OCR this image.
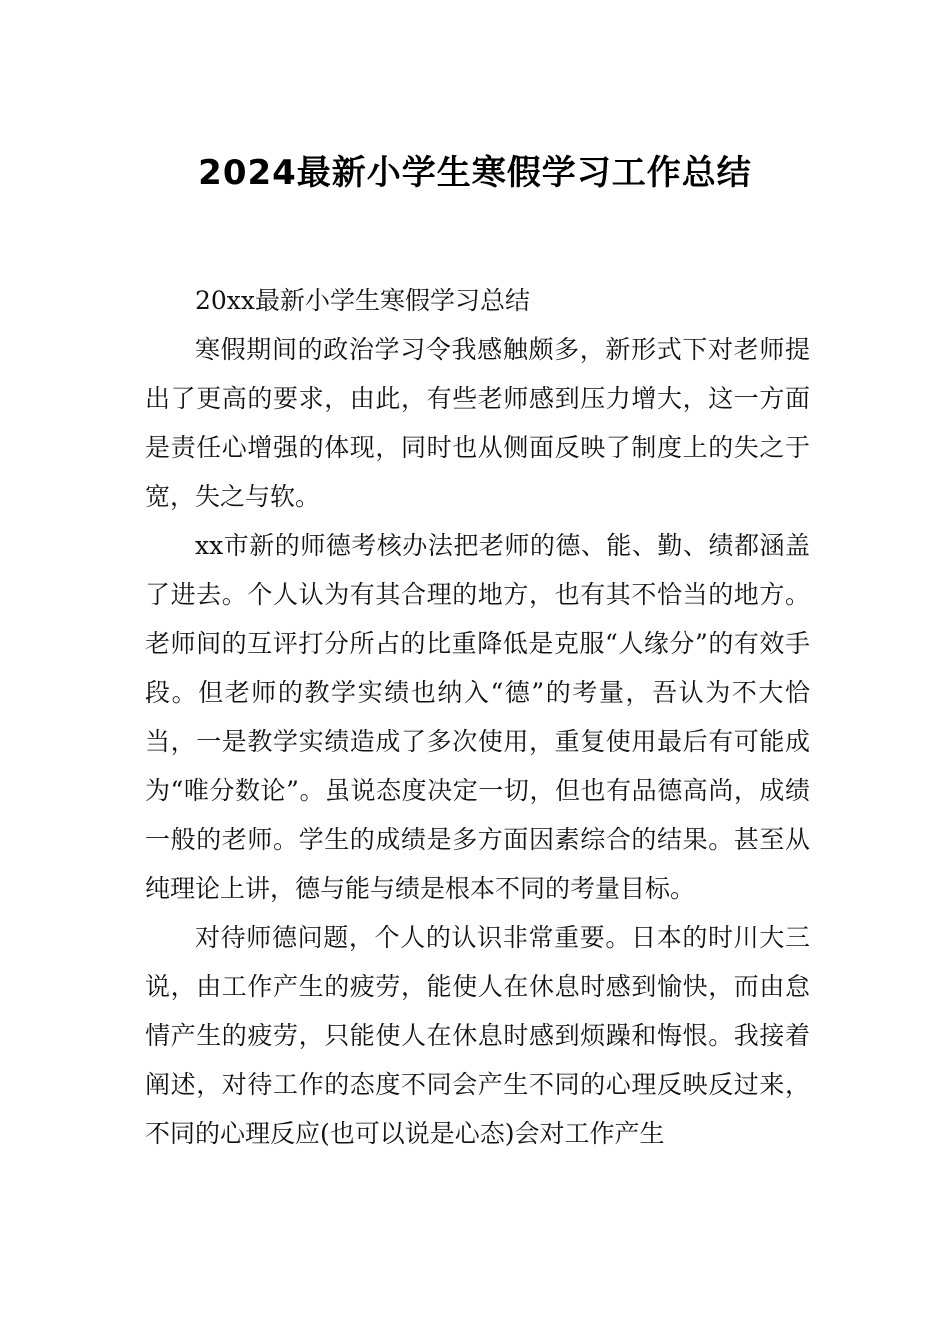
2024最新小学生寒假学习工作总结

20xx最新小学生寒假学习总结

寒假期间的政治学习令我感触颇多，新形式下对老师提出了更高的要求，由此，有些老师感到压力增大，这一方面是责任心增强的体现，同时也从侧面反映了制度上的失之于宽，失之与软。

xx市新的师德考核办法把老师的德、能、勤、绩都涵盖了进去。个人认为有其合理的地方，也有其不恰当的地方。老师间的互评打分所占的比重降低是克服“人缘分”的有效手段。但老师的教学实绩也纳入“德”的考量，吾认为不大恰当，一是教学实绩造成了多次使用，重复使用最后有可能成为“唯分数论”。虽说态度决定一切，但也有品德高尚，成绩一般的老师。学生的成绩是多方面因素综合的结果。甚至从纯理论上讲，德与能与绩是根本不同的考量目标。

对待师德问题，个人的认识非常重要。日本的时川大三说，由工作产生的疲劳，能使人在休息时感到愉快，而由怠情产生的疲劳，只能使人在休息时感到烦躁和悔恨。我接着阐述，对待工作的态度不同会产生不同的心理反映反过来，不同的心理反应(也可以说是心态)会对工作产生
